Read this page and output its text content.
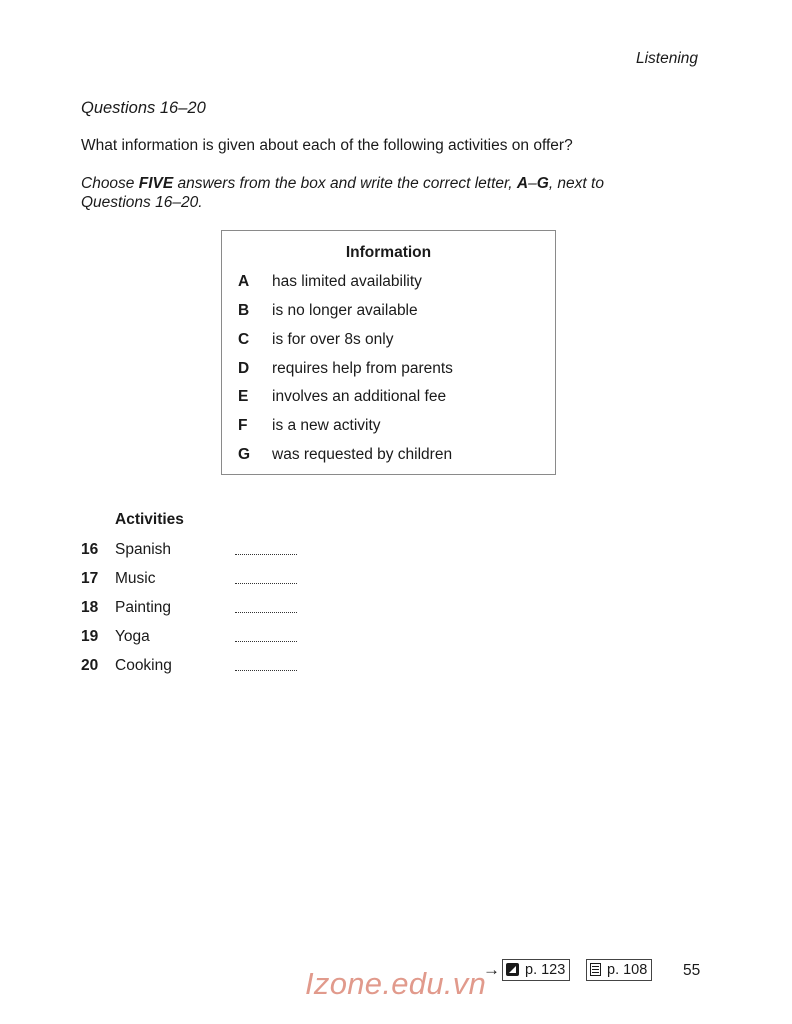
Listening
Questions 16–20
What information is given about each of the following activities on offer?
Choose FIVE answers from the box and write the correct letter, A–G, next to Questions 16–20.
Information
A has limited availability
B is no longer available
C is for over 8s only
D requires help from parents
E involves an additional fee
F is a new activity
G was requested by children
Activities
16 Spanish
17 Music
18 Painting
19 Yoga
20 Cooking
→	p. 123	p. 108	55
Izone.edu.vn
